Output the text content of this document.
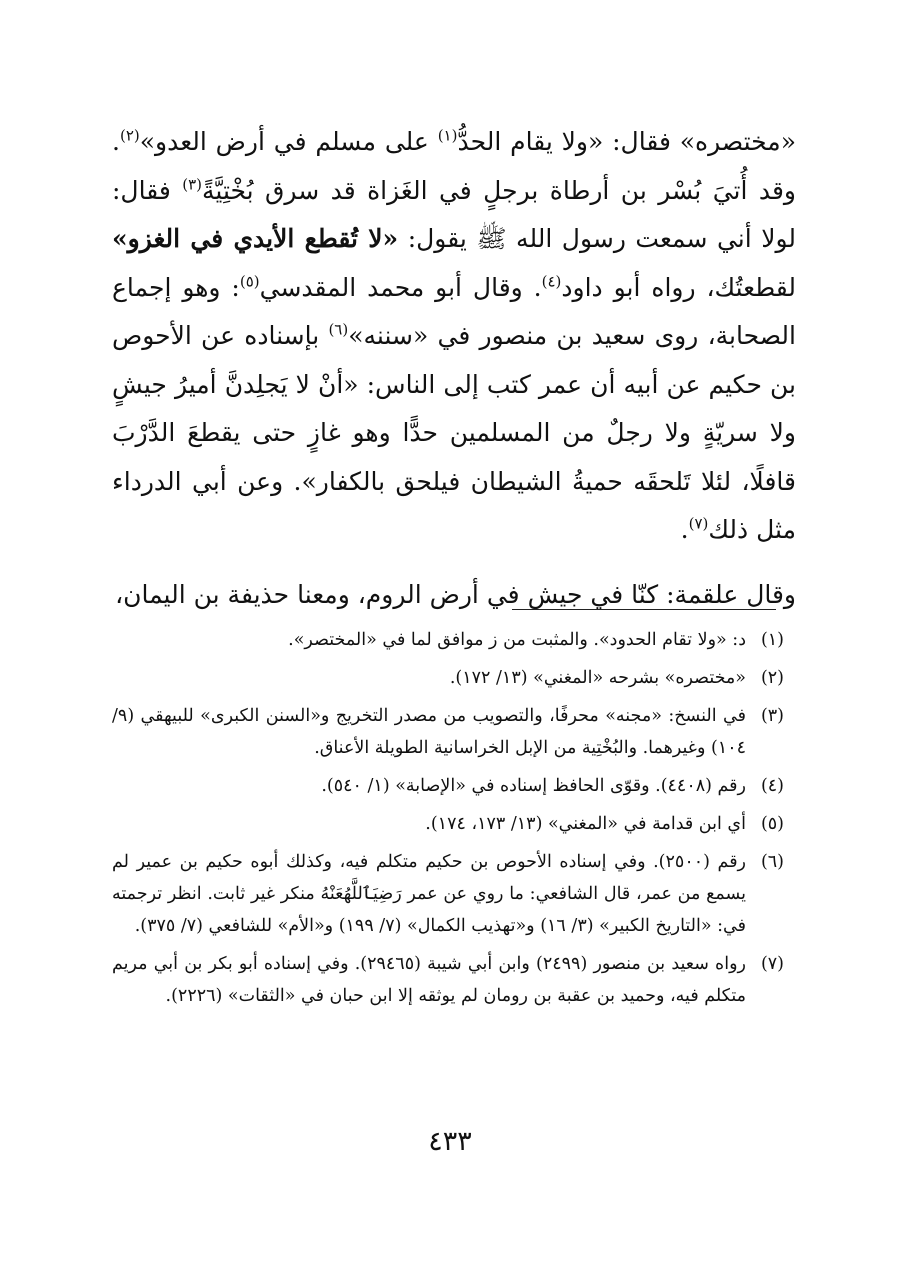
«مختصره» فقال: «ولا يقام الحدُّ$^{(١)}$ على مسلم في أرض العدو»$^{(٢)}$. وقد أُتيَ بُسْر بن أرطاة برجلٍ في الغَزاة قد سرق بُخْتِيَّةً$^{(٣)}$ فقال: لولا أني سمعت رسول الله ﷺ يقول: «لا تُقطع الأيدي في الغزو» لقطعتُك، رواه أبو داود$^{(٤)}$. وقال أبو محمد المقدسي$^{(٥)}$: وهو إجماع الصحابة، روى سعيد بن منصور في «سننه»$^{(٦)}$ بإسناده عن الأحوص بن حكيم عن أبيه أن عمر كتب إلى الناس: «أنْ لا يَجلِدنَّ أميرُ جيشٍ ولا سريّةٍ ولا رجلٌ من المسلمين حدًّا وهو غازٍ حتى يقطعَ الدَّرْبَ قافلًا، لئلا تَلحقَه حميةُ الشيطان فيلحق بالكفار». وعن أبي الدرداء مثل ذلك$^{(٧)}$.

وقال علقمة: كنّا في جيش في أرض الروم، ومعنا حذيفة بن اليمان،

(١)
د: «ولا تقام الحدود». والمثبت من ز موافق لما في «المختصر».
(٢)
«مختصره» بشرحه «المغني» (١٣/ ١٧٢).
(٣)
في النسخ: «مجنه» محرفًا، والتصويب من مصدر التخريج و«السنن الكبرى» للبيهقي (٩/ ١٠٤) وغيرهما. والبُخْتِية من الإبل الخراسانية الطويلة الأعناق.
(٤)
رقم (٤٤٠٨). وقوّى الحافظ إسناده في «الإصابة» (١/ ٥٤٠).
(٥)
أي ابن قدامة في «المغني» (١٣/ ١٧٣، ١٧٤).
(٦)
رقم (٢٥٠٠). وفي إسناده الأحوص بن حكيم متكلم فيه، وكذلك أبوه حكيم بن عمير لم يسمع من عمر، قال الشافعي: ما روي عن عمر رَضِيَٱللَّهُعَنْهُ منكر غير ثابت. انظر ترجمته في: «التاريخ الكبير» (٣/ ١٦) و«تهذيب الكمال» (٧/ ١٩٩) و«الأم» للشافعي (٧/ ٣٧٥).
(٧)
رواه سعيد بن منصور (٢٤٩٩) وابن أبي شيبة (٢٩٤٦٥). وفي إسناده أبو بكر بن أبي مريم متكلم فيه، وحميد بن عقبة بن رومان لم يوثقه إلا ابن حبان في «الثقات» (٢٢٢٦).
٤٣٣
